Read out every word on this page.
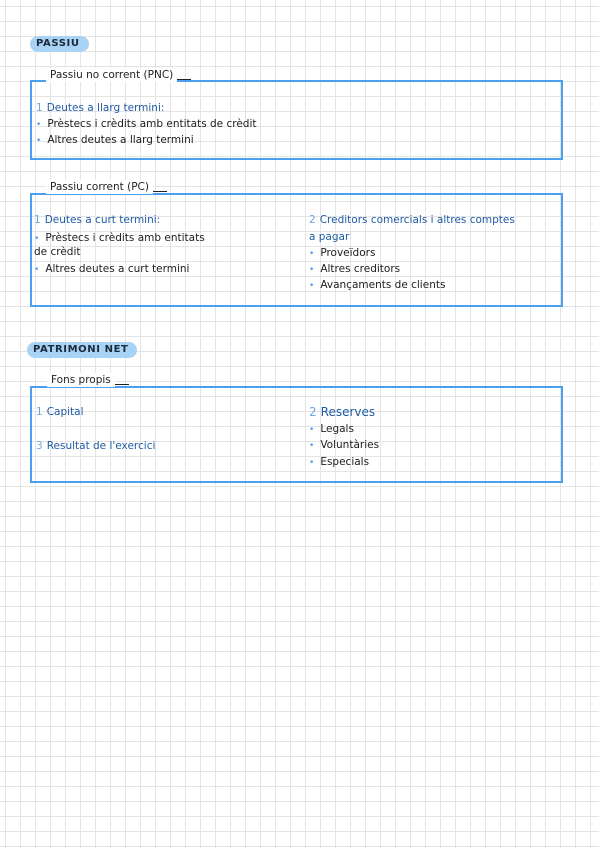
PASSIU
Passiu no corrent (PNC)
1 Deutes a llarg termini:
• Prèstecs i crèdits amb entitats de crèdit
• Altres deutes a llarg termini
Passiu corrent (PC)
1 Deutes a curt termini:
• Prèstecs i crèdits amb entitats
de crèdit
• Altres deutes a curt termini
2 Creditors comercials i altres comptes
a pagar
• Proveïdors
• Altres creditors
• Avançaments de clients
PATRIMONI NET
Fons propis
1 Capital
3 Resultat de l'exercici
2 Reserves
• Legals
• Voluntàries
• Especials
